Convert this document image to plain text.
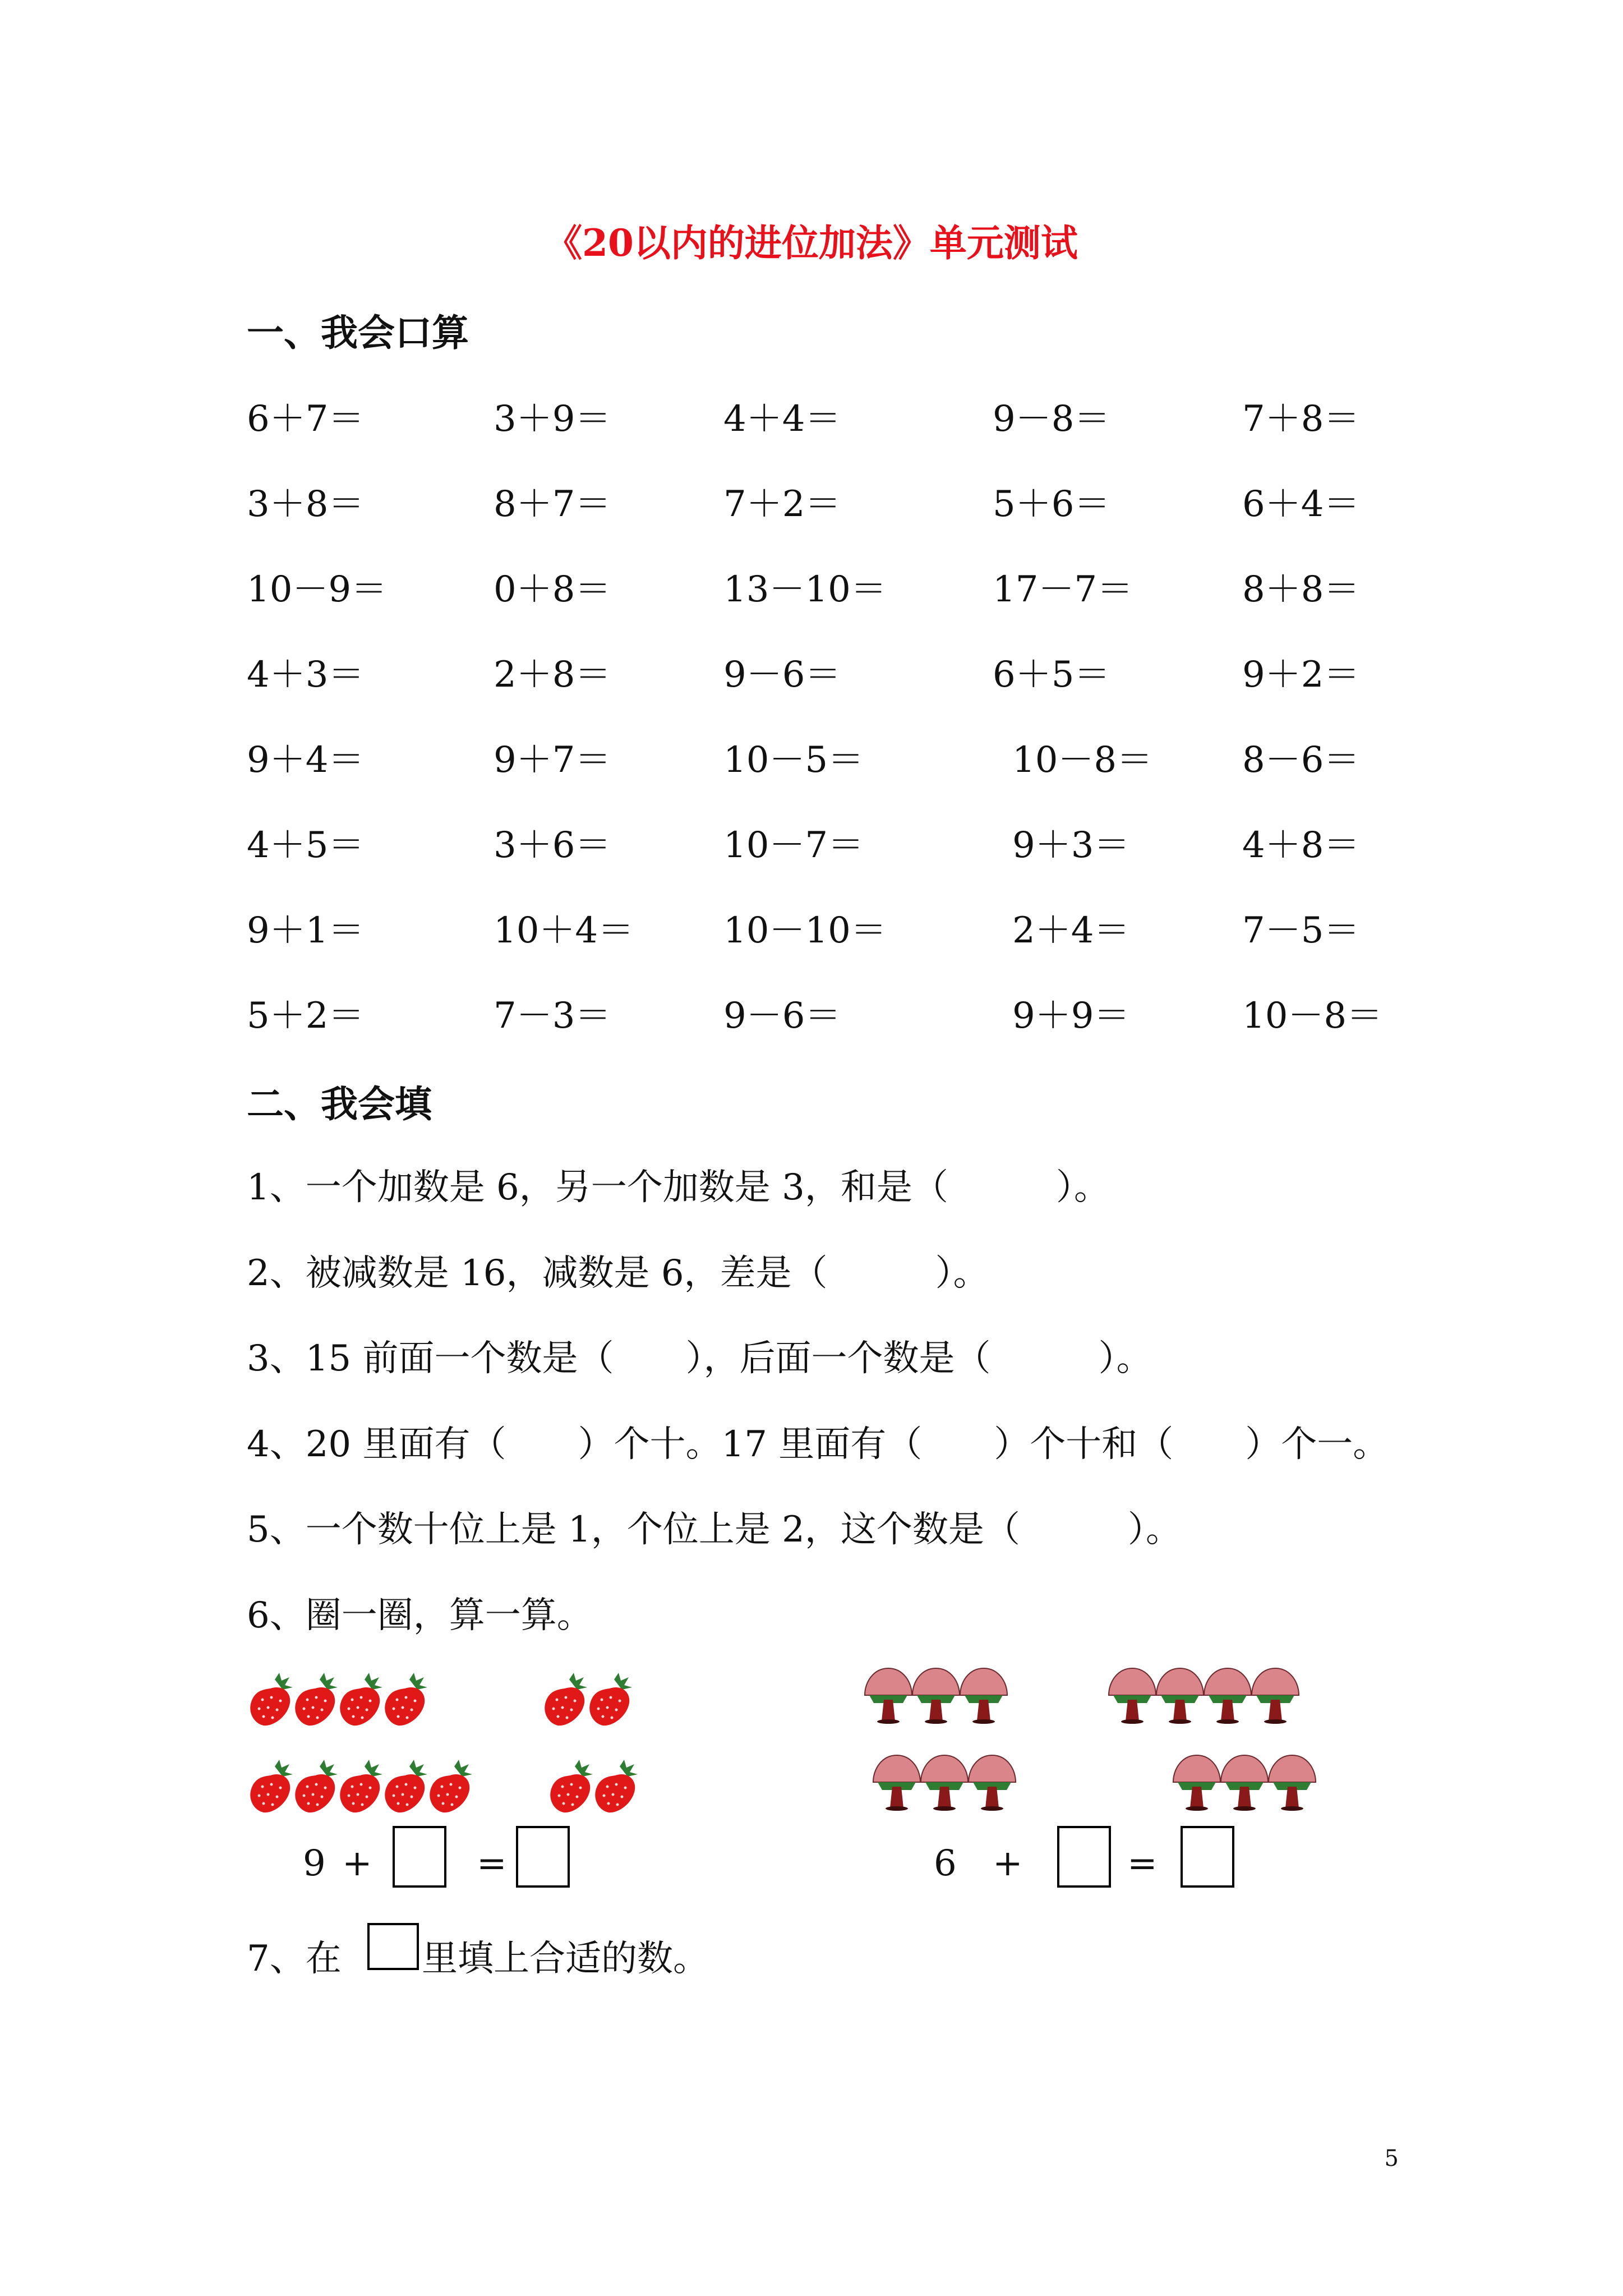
《20以内的进位加法》单元测试
一、我会口算
6＋7＝	3＋9＝	4＋4＝	9－8＝	7＋8＝
3＋8＝	8＋7＝	7＋2＝	5＋6＝	6＋4＝
10－9＝	0＋8＝	13－10＝	17－7＝	8＋8＝
4＋3＝	2＋8＝	9－6＝	6＋5＝	9＋2＝
9＋4＝	9＋7＝	10－5＝	10－8＝ 8－6＝
4＋5＝	3＋6＝	10－7＝	9＋3＝	4＋8＝
9＋1＝	10＋4＝ 10－10＝	2＋4＝	7－5＝
5＋2＝	7－3＝	9－6＝	9＋9＝	10－8＝
二、我会填
1、一个加数是 6，另一个加数是 3，和是（　　　）。
2、被减数是 16，减数是 6，差是（　　　）。
3、15 前面一个数是（　　），后面一个数是（　　　）。
4、20 里面有（　　）个十。17 里面有（　　）个十和（　　）个一。
5、一个数十位上是 1，个位上是 2，这个数是（　　　）。
6、圈一圈，算一算。
9 +	=	6 +	=
7、在 里填上合适的数。
5
